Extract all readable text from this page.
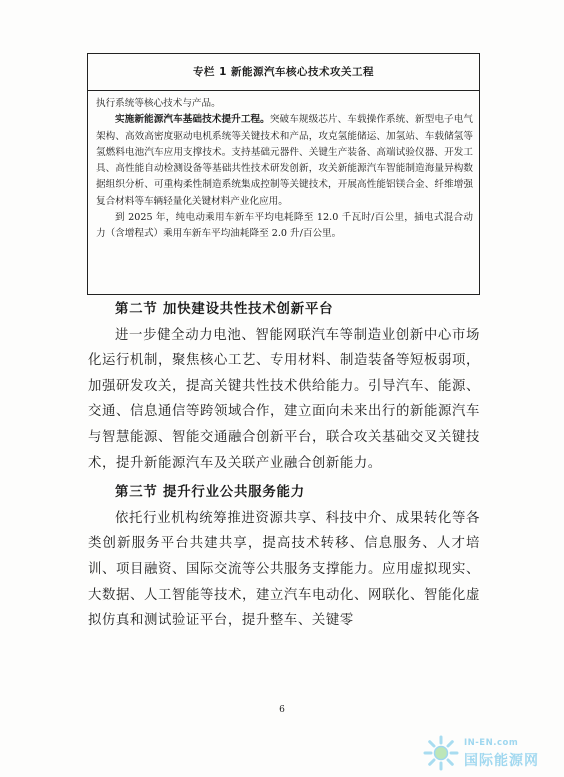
专栏 1 新能源汽车核心技术攻关工程

执行系统等核心技术与产品。

实施新能源汽车基础技术提升工程。突破车规级芯片、车载操作系统、新型电子电气架构、高效高密度驱动电机系统等关键技术和产品，攻克氢能储运、加氢站、车载储氢等氢燃料电池汽车应用支撑技术。支持基础元器件、关键生产装备、高端试验仪器、开发工具、高性能自动检测设备等基础共性技术研发创新，攻关新能源汽车智能制造海量异构数据组织分析、可重构柔性制造系统集成控制等关键技术，开展高性能铝镁合金、纤维增强复合材料等车辆轻量化关键材料产业化应用。

到 2025 年，纯电动乘用车新车平均电耗降至 12.0 千瓦时/百公里，插电式混合动力（含增程式）乘用车新车平均油耗降至 2.0 升/百公里。

第二节 加快建设共性技术创新平台

进一步健全动力电池、智能网联汽车等制造业创新中心市场化运行机制，聚焦核心工艺、专用材料、制造装备等短板弱项，加强研发攻关，提高关键共性技术供给能力。引导汽车、能源、交通、信息通信等跨领域合作，建立面向未来出行的新能源汽车与智慧能源、智能交通融合创新平台，联合攻关基础交叉关键技术，提升新能源汽车及关联产业融合创新能力。

第三节 提升行业公共服务能力

依托行业机构统筹推进资源共享、科技中介、成果转化等各类创新服务平台共建共享，提高技术转移、信息服务、人才培训、项目融资、国际交流等公共服务支撑能力。应用虚拟现实、大数据、人工智能等技术，建立汽车电动化、网联化、智能化虚拟仿真和测试验证平台，提升整车、关键零

6
IN-EN.com
国际能源网
